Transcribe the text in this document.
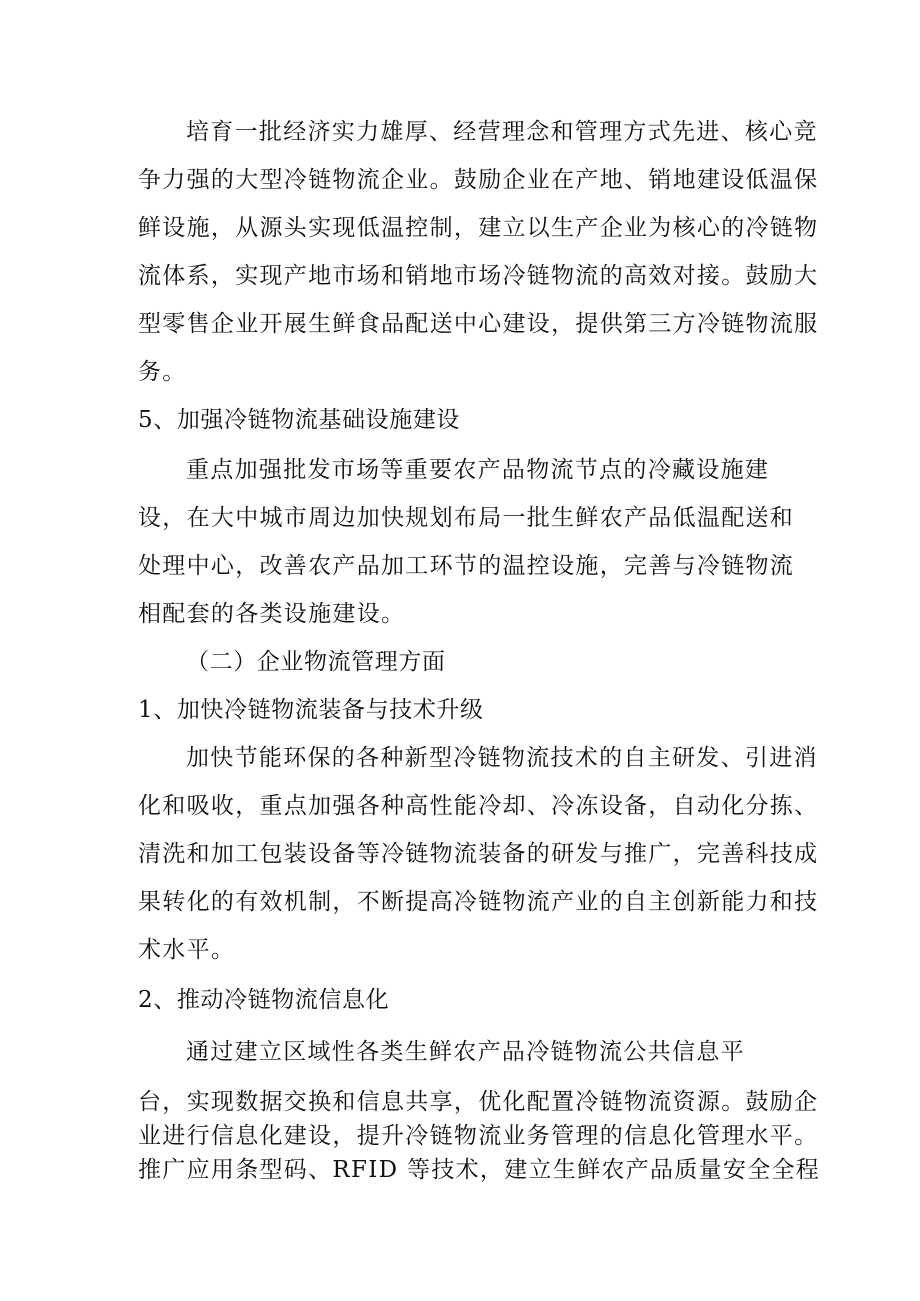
培育一批经济实力雄厚、经营理念和管理方式先进、核心竞
争力强的大型冷链物流企业。鼓励企业在产地、销地建设低温保
鲜设施，从源头实现低温控制，建立以生产企业为核心的冷链物
流体系，实现产地市场和销地市场冷链物流的高效对接。鼓励大
型零售企业开展生鲜食品配送中心建设，提供第三方冷链物流服
务。
5、加强冷链物流基础设施建设
重点加强批发市场等重要农产品物流节点的冷藏设施建
设，在大中城市周边加快规划布局一批生鲜农产品低温配送和
处理中心，改善农产品加工环节的温控设施，完善与冷链物流
相配套的各类设施建设。
（二）企业物流管理方面
1、加快冷链物流装备与技术升级
加快节能环保的各种新型冷链物流技术的自主研发、引进消
化和吸收，重点加强各种高性能冷却、冷冻设备，自动化分拣、
清洗和加工包装设备等冷链物流装备的研发与推广，完善科技成
果转化的有效机制，不断提高冷链物流产业的自主创新能力和技
术水平。
2、推动冷链物流信息化
通过建立区域性各类生鲜农产品冷链物流公共信息平
台，实现数据交换和信息共享，优化配置冷链物流资源。鼓励企
业进行信息化建设，提升冷链物流业务管理的信息化管理水平。
推广应用条型码、RFID 等技术，建立生鲜农产品质量安全全程
